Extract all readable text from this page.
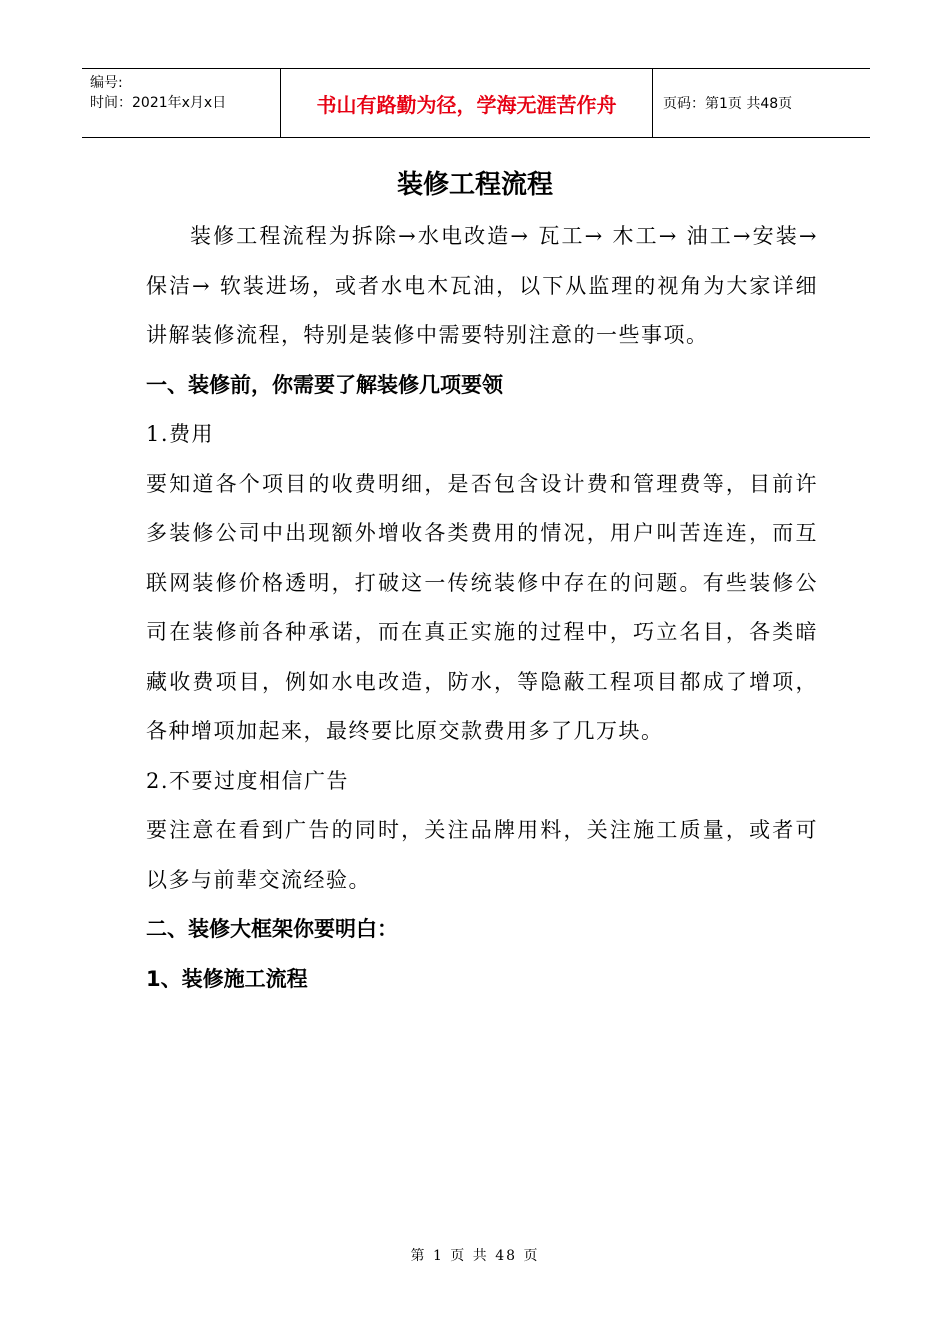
编号:
时间：2021年x月x日	书山有路勤为径，学海无涯苦作舟	页码：第1页 共48页
装修工程流程

装修工程流程为拆除→水电改造→ 瓦工→ 木工→ 油工→安装→ 保洁→ 软装进场，或者水电木瓦油，以下从监理的视角为大家详细讲解装修流程，特别是装修中需要特别注意的一些事项。

一、装修前，你需要了解装修几项要领

1.费用

要知道各个项目的收费明细，是否包含设计费和管理费等，目前许多装修公司中出现额外增收各类费用的情况，用户叫苦连连，而互联网装修价格透明，打破这一传统装修中存在的问题。有些装修公司在装修前各种承诺，而在真正实施的过程中，巧立名目，各类暗藏收费项目，例如水电改造，防水，等隐蔽工程项目都成了增项，各种增项加起来，最终要比原交款费用多了几万块。

2.不要过度相信广告

要注意在看到广告的同时，关注品牌用料，关注施工质量，或者可以多与前辈交流经验。

二、装修大框架你要明白：

1、装修施工流程

第 1 页 共 48 页
